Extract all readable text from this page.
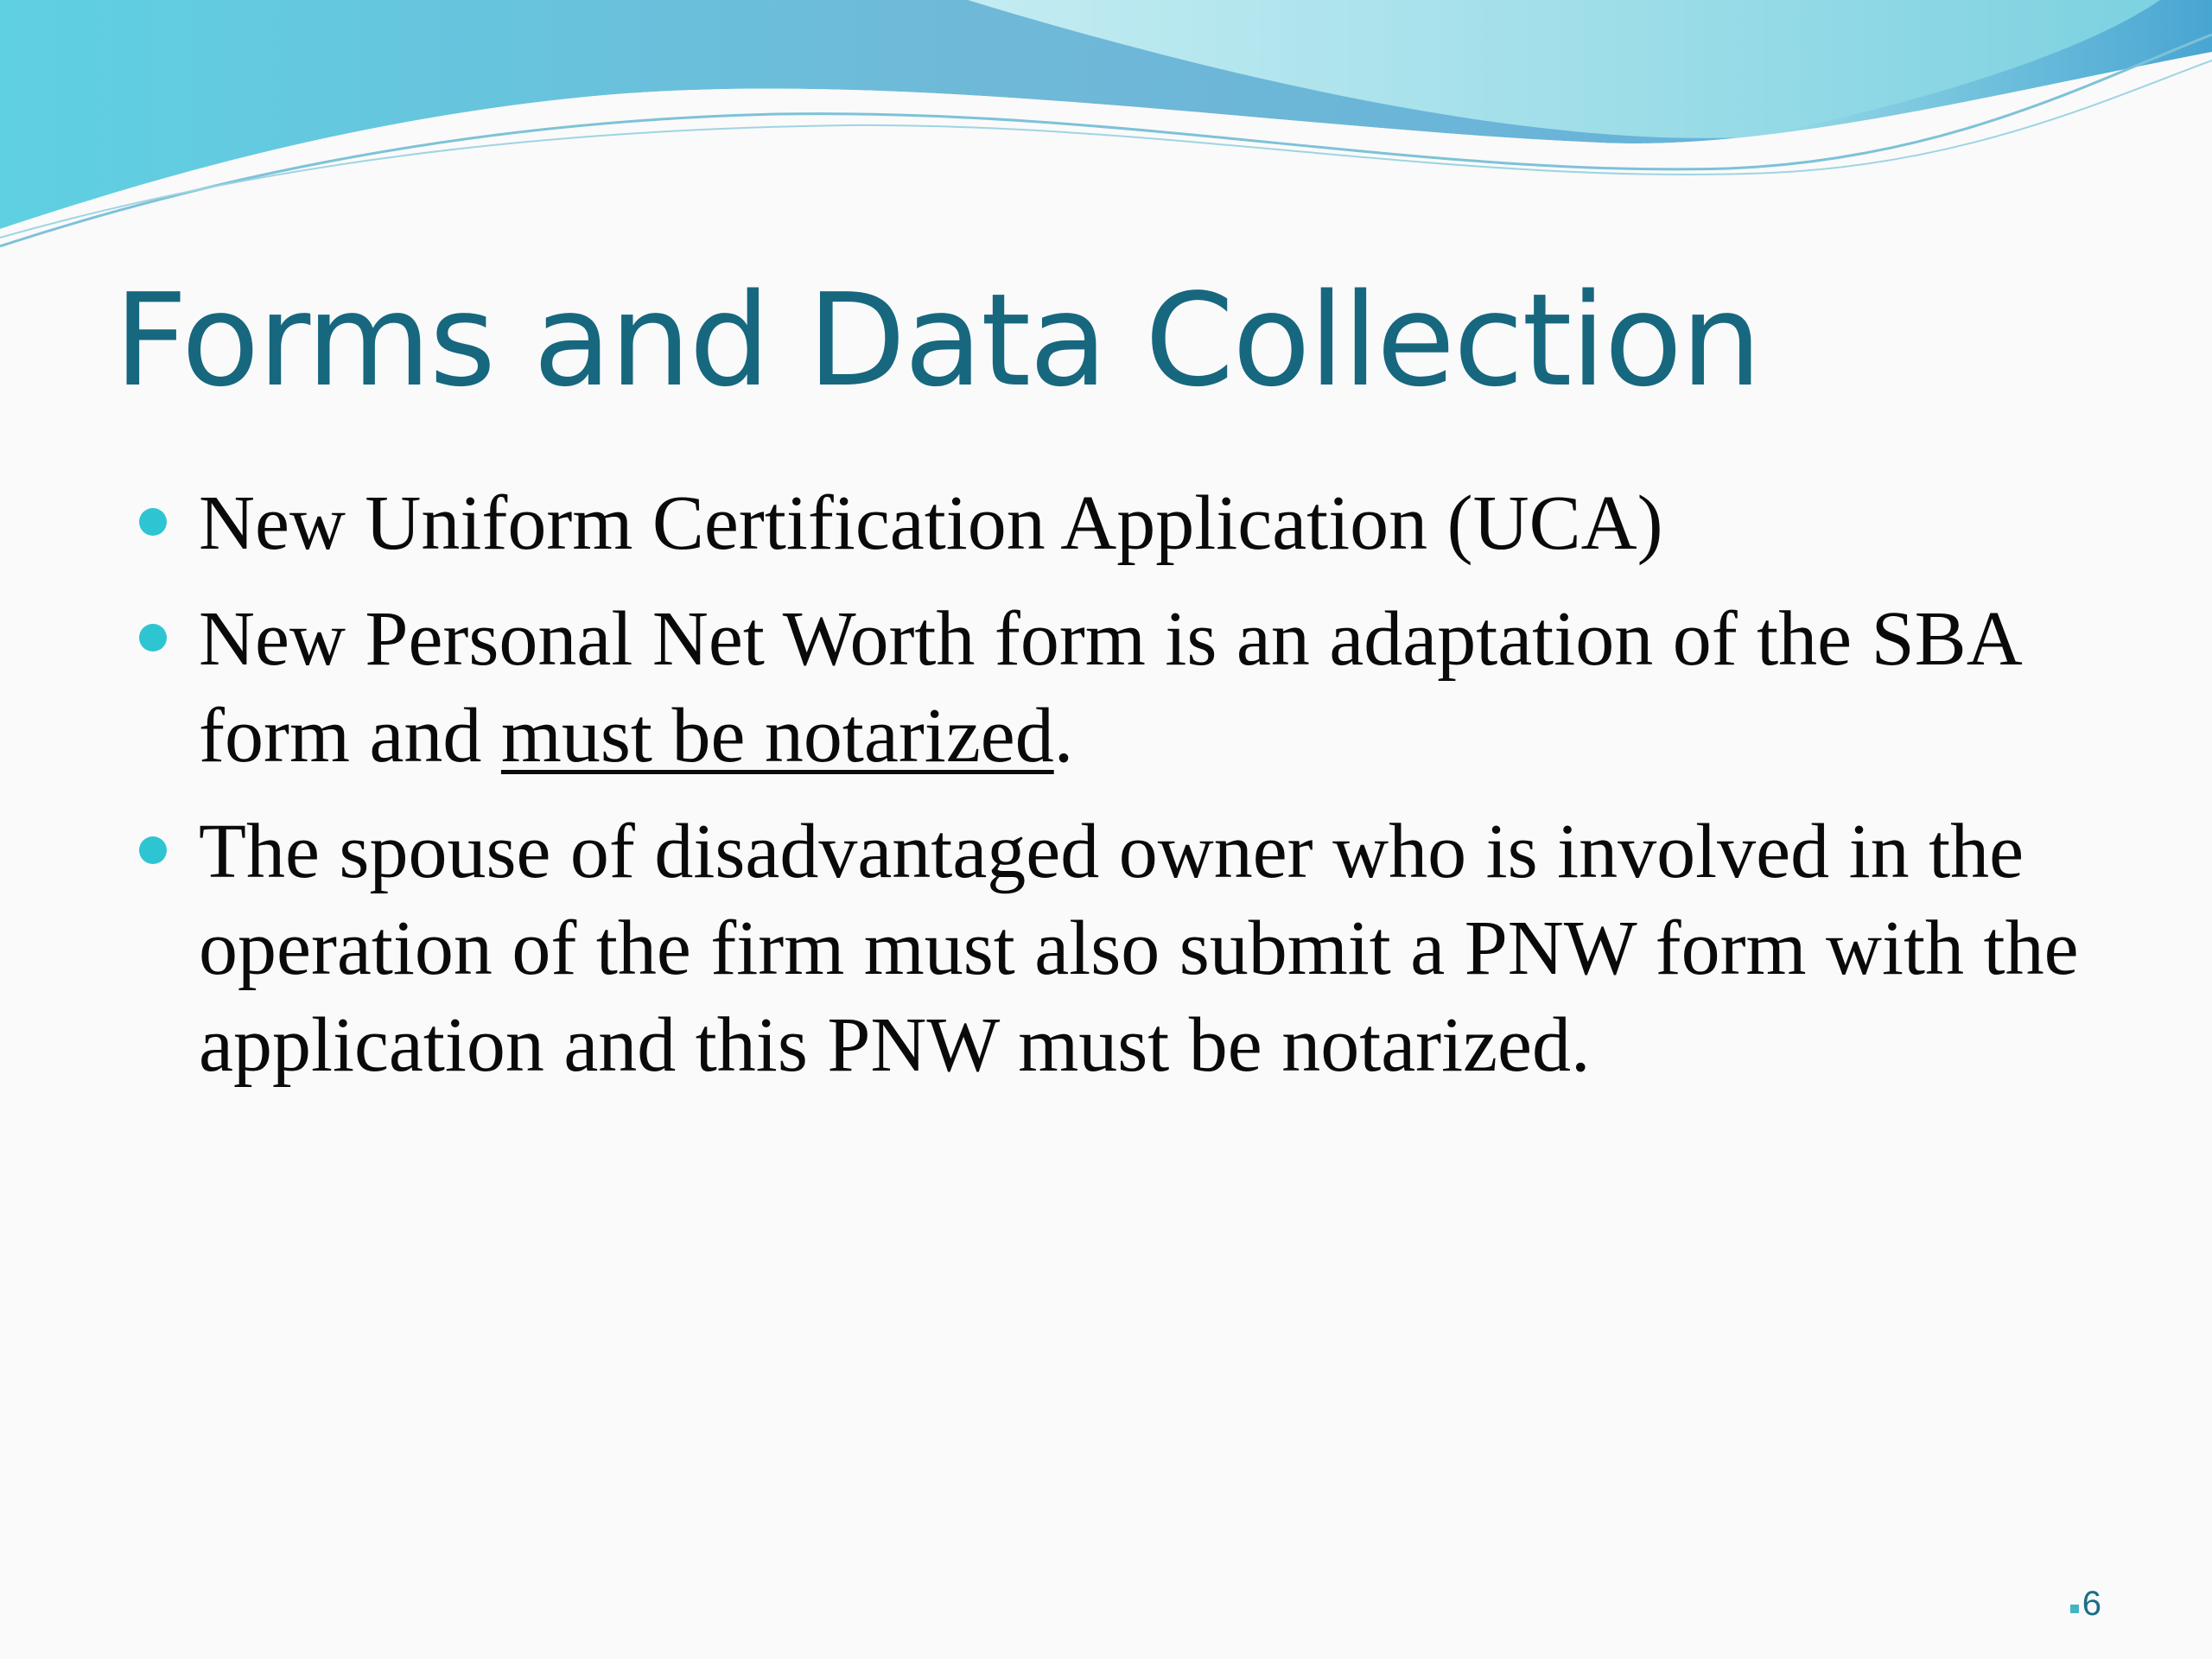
Forms and Data Collection
New Uniform Certification Application (UCA)
New Personal Net Worth form is an adaptation of the SBA form and must be notarized.
The spouse of disadvantaged owner who is involved in the operation of the firm must also submit a PNW form with the application and this PNW must be notarized.
6
